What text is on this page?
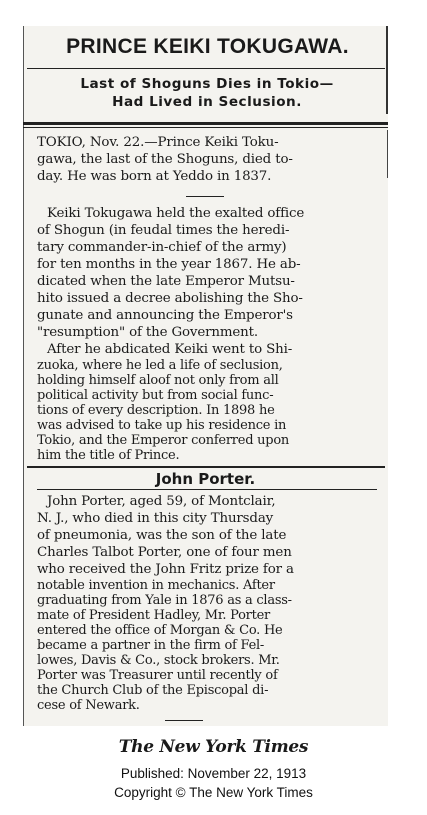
PRINCE KEIKI TOKUGAWA.
Last of Shoguns Dies in Tokio—
Had Lived in Seclusion.
TOKIO, Nov. 22.—Prince Keiki Toku-
gawa, the last of the Shoguns, died to-
day. He was born at Yeddo in 1837.
Keiki Tokugawa held the exalted office
of Shogun (in feudal times the heredi-
tary commander-in-chief of the army)
for ten months in the year 1867. He ab-
dicated when the late Emperor Mutsu-
hito issued a decree abolishing the Sho-
gunate and announcing the Emperor's
"resumption" of the Government.
After he abdicated Keiki went to Shi-
zuoka, where he led a life of seclusion,
holding himself aloof not only from all
political activity but from social func-
tions of every description. In 1898 he
was advised to take up his residence in
Tokio, and the Emperor conferred upon
him the title of Prince.
John Porter.
John Porter, aged 59, of Montclair,
N. J., who died in this city Thursday
of pneumonia, was the son of the late
Charles Talbot Porter, one of four men
who received the John Fritz prize for a
notable invention in mechanics. After
graduating from Yale in 1876 as a class-
mate of President Hadley, Mr. Porter
entered the office of Morgan & Co. He
became a partner in the firm of Fel-
lowes, Davis & Co., stock brokers. Mr.
Porter was Treasurer until recently of
the Church Club of the Episcopal di-
cese of Newark.
The New York Times
Published: November 22, 1913
Copyright © The New York Times
